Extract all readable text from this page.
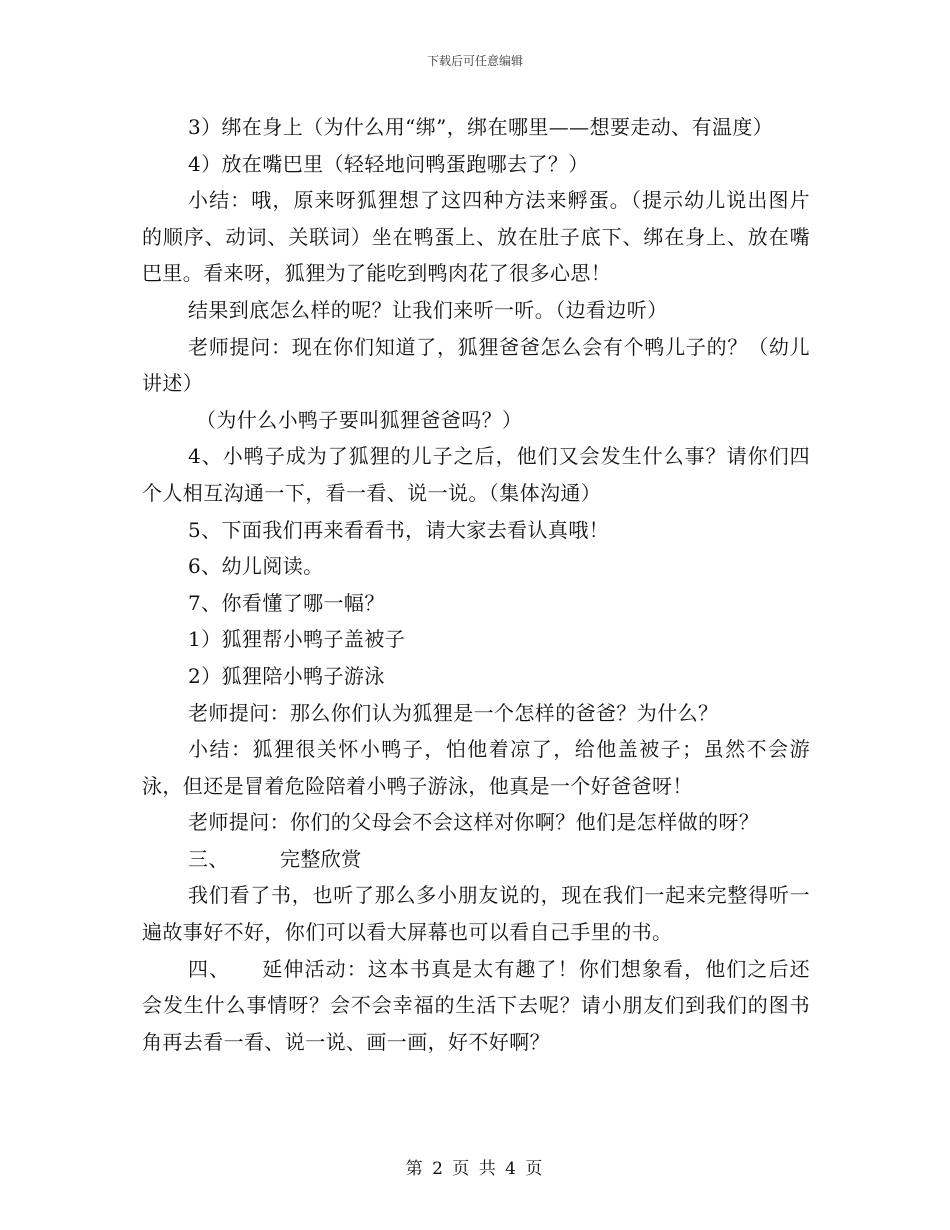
下载后可任意编辑

3）绑在身上（为什么用“绑”，绑在哪里——想要走动、有温度）

4）放在嘴巴里（轻轻地问鸭蛋跑哪去了？）

小结：哦，原来呀狐狸想了这四种方法来孵蛋。（提示幼儿说出图片的顺序、动词、关联词）坐在鸭蛋上、放在肚子底下、绑在身上、放在嘴巴里。看来呀，狐狸为了能吃到鸭肉花了很多心思！

结果到底怎么样的呢？让我们来听一听。（边看边听）

老师提问：现在你们知道了，狐狸爸爸怎么会有个鸭儿子的？（幼儿讲述）

（为什么小鸭子要叫狐狸爸爸吗？）

4、小鸭子成为了狐狸的儿子之后，他们又会发生什么事？请你们四个人相互沟通一下，看一看、说一说。（集体沟通）

5、下面我们再来看看书，请大家去看认真哦！

6、幼儿阅读。

7、你看懂了哪一幅？

1）狐狸帮小鸭子盖被子

2）狐狸陪小鸭子游泳

老师提问：那么你们认为狐狸是一个怎样的爸爸？为什么？

小结：狐狸很关怀小鸭子，怕他着凉了，给他盖被子；虽然不会游泳，但还是冒着危险陪着小鸭子游泳，他真是一个好爸爸呀！

老师提问：你们的父母会不会这样对你啊？他们是怎样做的呀？

三、　　　完整欣赏

我们看了书，也听了那么多小朋友说的，现在我们一起来完整得听一遍故事好不好，你们可以看大屏幕也可以看自己手里的书。

四、　　延伸活动：这本书真是太有趣了！你们想象看，他们之后还会发生什么事情呀？会不会幸福的生活下去呢？请小朋友们到我们的图书角再去看一看、说一说、画一画，好不好啊？

第 2 页 共 4 页
